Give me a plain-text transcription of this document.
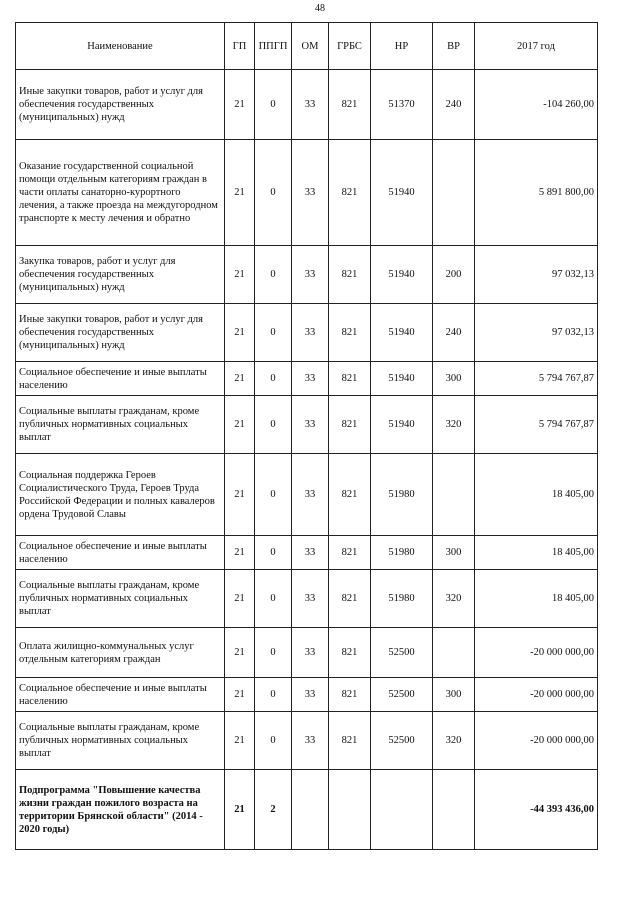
48
Наименование	ГП	ППГП	ОМ	ГРБС	НР	ВР	2017 год
Иные закупки товаров, работ и услуг для обеспечения государственных (муниципальных) нужд	21	0	33	821	51370	240	-104 260,00
Оказание государственной социальной помощи отдельным категориям граждан в части оплаты санаторно-курортного лечения, а также проезда на междугородном транспорте к месту лечения и обратно	21	0	33	821	51940		5 891 800,00
Закупка товаров, работ и услуг для обеспечения государственных (муниципальных) нужд	21	0	33	821	51940	200	97 032,13
Иные закупки товаров, работ и услуг для обеспечения государственных (муниципальных) нужд	21	0	33	821	51940	240	97 032,13
Социальное обеспечение и иные выплаты населению	21	0	33	821	51940	300	5 794 767,87
Социальные выплаты гражданам, кроме публичных нормативных социальных выплат	21	0	33	821	51940	320	5 794 767,87
Социальная поддержка Героев Социалистического Труда, Героев Труда Российской Федерации и полных кавалеров ордена Трудовой Славы	21	0	33	821	51980		18 405,00
Социальное обеспечение и иные выплаты населению	21	0	33	821	51980	300	18 405,00
Социальные выплаты гражданам, кроме публичных нормативных социальных выплат	21	0	33	821	51980	320	18 405,00
Оплата жилищно-коммунальных услуг отдельным категориям граждан	21	0	33	821	52500		-20 000 000,00
Социальное обеспечение и иные выплаты населению	21	0	33	821	52500	300	-20 000 000,00
Социальные выплаты гражданам, кроме публичных нормативных социальных выплат	21	0	33	821	52500	320	-20 000 000,00
Подпрограмма "Повышение качества жизни граждан пожилого возраста на территории Брянской области" (2014 - 2020 годы)	21	2					-44 393 436,00
